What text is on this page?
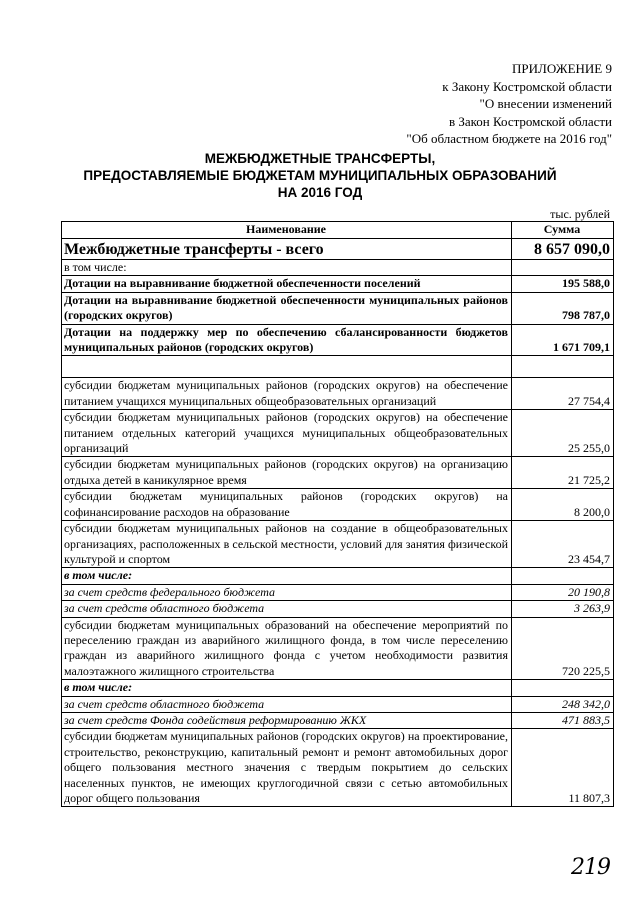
ПРИЛОЖЕНИЕ 9
к Закону Костромской области
"О внесении изменений
в Закон Костромской области
"Об областном бюджете на 2016 год"
МЕЖБЮДЖЕТНЫЕ ТРАНСФЕРТЫ,
ПРЕДОСТАВЛЯЕМЫЕ БЮДЖЕТАМ МУНИЦИПАЛЬНЫХ ОБРАЗОВАНИЙ
НА 2016 ГОД
тыс. рублей
Наименование	Сумма
Межбюджетные трансферты - всего	8 657 090,0
в том числе:	
Дотации на выравнивание бюджетной обеспеченности поселений	195 588,0
Дотации на выравнивание бюджетной обеспеченности муниципальных районов (городских округов)	798 787,0
Дотации на поддержку мер по обеспечению сбалансированности бюджетов муниципальных районов (городских округов)	1 671 709,1

субсидии бюджетам муниципальных районов (городских округов) на обеспечение питанием учащихся муниципальных общеобразовательных организаций	27 754,4
субсидии бюджетам муниципальных районов (городских округов) на обеспечение питанием отдельных категорий учащихся муниципальных общеобразовательных организаций	25 255,0
субсидии бюджетам муниципальных районов (городских округов) на организацию отдыха детей в каникулярное время	21 725,2
субсидии бюджетам муниципальных районов (городских округов) на софинансирование расходов на образование	8 200,0
субсидии бюджетам муниципальных районов на создание в общеобразовательных организациях, расположенных в сельской местности, условий для занятия физической культурой и спортом	23 454,7
в том числе:	
за счет средств федерального бюджета	20 190,8
за счет средств областного бюджета	3 263,9
субсидии бюджетам муниципальных образований на обеспечение мероприятий по переселению граждан из аварийного жилищного фонда, в том числе переселению граждан из аварийного жилищного фонда с учетом необходимости развития малоэтажного жилищного строительства	720 225,5
в том числе:	
за счет средств областного бюджета	248 342,0
за счет средств Фонда содействия реформированию ЖКХ	471 883,5
субсидии бюджетам муниципальных районов (городских округов) на проектирование, строительство, реконструкцию, капитальный ремонт и ремонт автомобильных дорог общего пользования местного значения с твердым покрытием до сельских населенных пунктов, не имеющих круглогодичной связи с сетью автомобильных дорог общего пользования	11 807,3
219
